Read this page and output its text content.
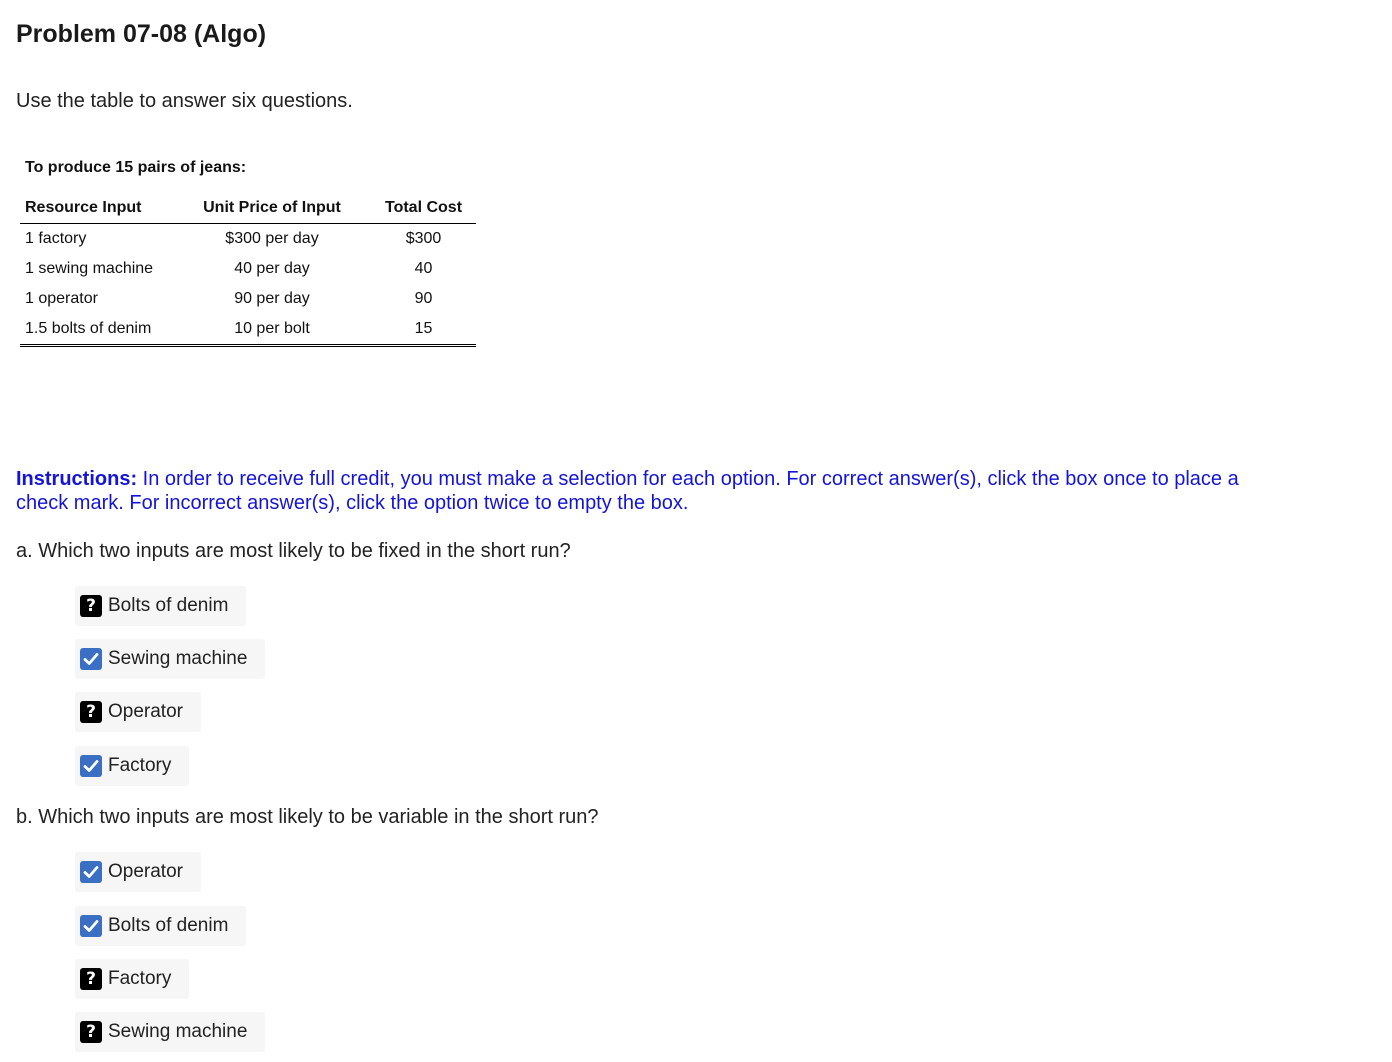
Problem 07-08 (Algo)

Use the table to answer six questions.

To produce 15 pairs of jeans:
Resource Input	Unit Price of Input	Total Cost
1 factory	$300 per day	$300
1 sewing machine	40 per day	40
1 operator	90 per day	90
1.5 bolts of denim	10 per bolt	15

Instructions: In order to receive full credit, you must make a selection for each option. For correct answer(s), click the box once to place a check mark. For incorrect answer(s), click the option twice to empty the box.

a. Which two inputs are most likely to be fixed in the short run?

? Bolts of denim
Sewing machine
? Operator
Factory

b. Which two inputs are most likely to be variable in the short run?

Operator
Bolts of denim
? Factory
? Sewing machine
